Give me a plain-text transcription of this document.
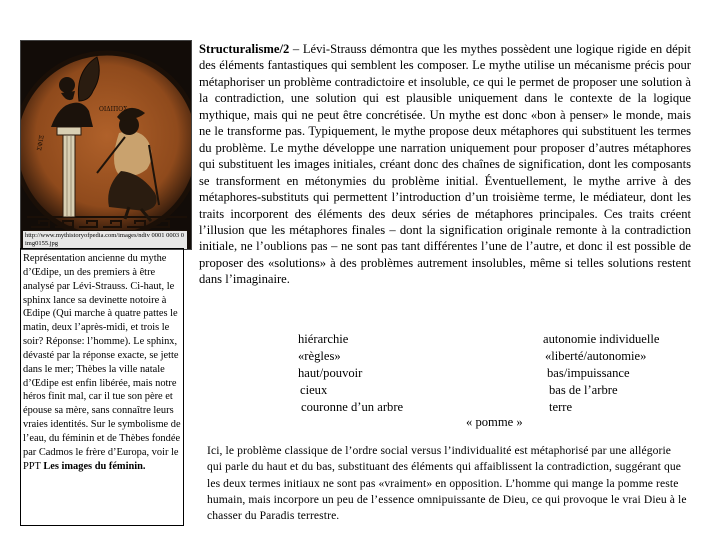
ΟΙΔΙΠΟΣ
ΣΦΙΞ
http://www.mythistoryofpedia.com/images/ndiv 0001 0003 0 img0155.jpg
Représentation ancienne du mythe d’Œdipe, un des premiers à être analysé par Lévi-Strauss. Ci-haut, le sphinx lance sa devinette notoire à Œdipe (Qui marche à quatre pattes le matin, deux l’après-midi, et trois le soir? Réponse: l’homme). Le sphinx, dévasté par la réponse exacte, se jette dans le mer; Thèbes la ville natale d’Œdipe est enfin libérée, mais notre héros finit mal, car il tue son père et épouse sa mère, sans connaître leurs vraies identités. Sur le symbolisme de l’eau, du féminin et de Thèbes fondée par Cadmos le frère d’Europa, voir le PPT Les images du féminin.
Structuralisme/2 – Lévi-Strauss démontra que les mythes possèdent une logique rigide en dépit des éléments fantastiques qui semblent les composer. Le mythe utilise un mécanisme précis pour métaphoriser un problème contradictoire et insoluble, ce qui le permet de proposer une solution à la contradiction, une solution qui est plausible uniquement dans le contexte de la logique mythique, mais qui ne peut être concrétisée. Un mythe est donc «bon à penser» le monde, mais ne le transforme pas. Typiquement, le mythe propose deux métaphores qui substituent les termes du problème. Le mythe développe une narration uniquement pour proposer d’autres métaphores qui substituent les images initiales, créant donc des chaînes de signification, dont les composants se transforment en métonymies du problème initial. Éventuellement, le mythe arrive à des métaphores-substituts qui permettent l’introduction d’un troisième terme, le médiateur, dont les traits incorporent des éléments des deux séries de métaphores principales. Ces traits créent l’illusion que les métaphores finales – dont la signification originale remonte à la contradiction initiale, ne l’oublions pas – ne sont pas tant différentes l’une de l’autre, et donc il est possible de proposer des «solutions» à des problèmes autrement insolubles, même si telles solutions restent dans l’imaginaire.
hiérarchie
«règles»
haut/pouvoir
cieux
couronne d’un arbre
autonomie individuelle
«liberté/autonomie»
bas/impuissance
bas de l’arbre
terre
« pomme »
Ici, le problème classique de l’ordre social versus l’individualité est métaphorisé par une allégorie qui parle du haut et du bas, substituant des éléments qui affaiblissent la contradiction, suggérant que les deux termes initiaux ne sont pas «vraiment» en opposition. L’homme qui mange la pomme reste humain, mais incorpore un peu de l’essence omnipuissante de Dieu, ce qui provoque le vrai Dieu à le chasser du Paradis terrestre.
